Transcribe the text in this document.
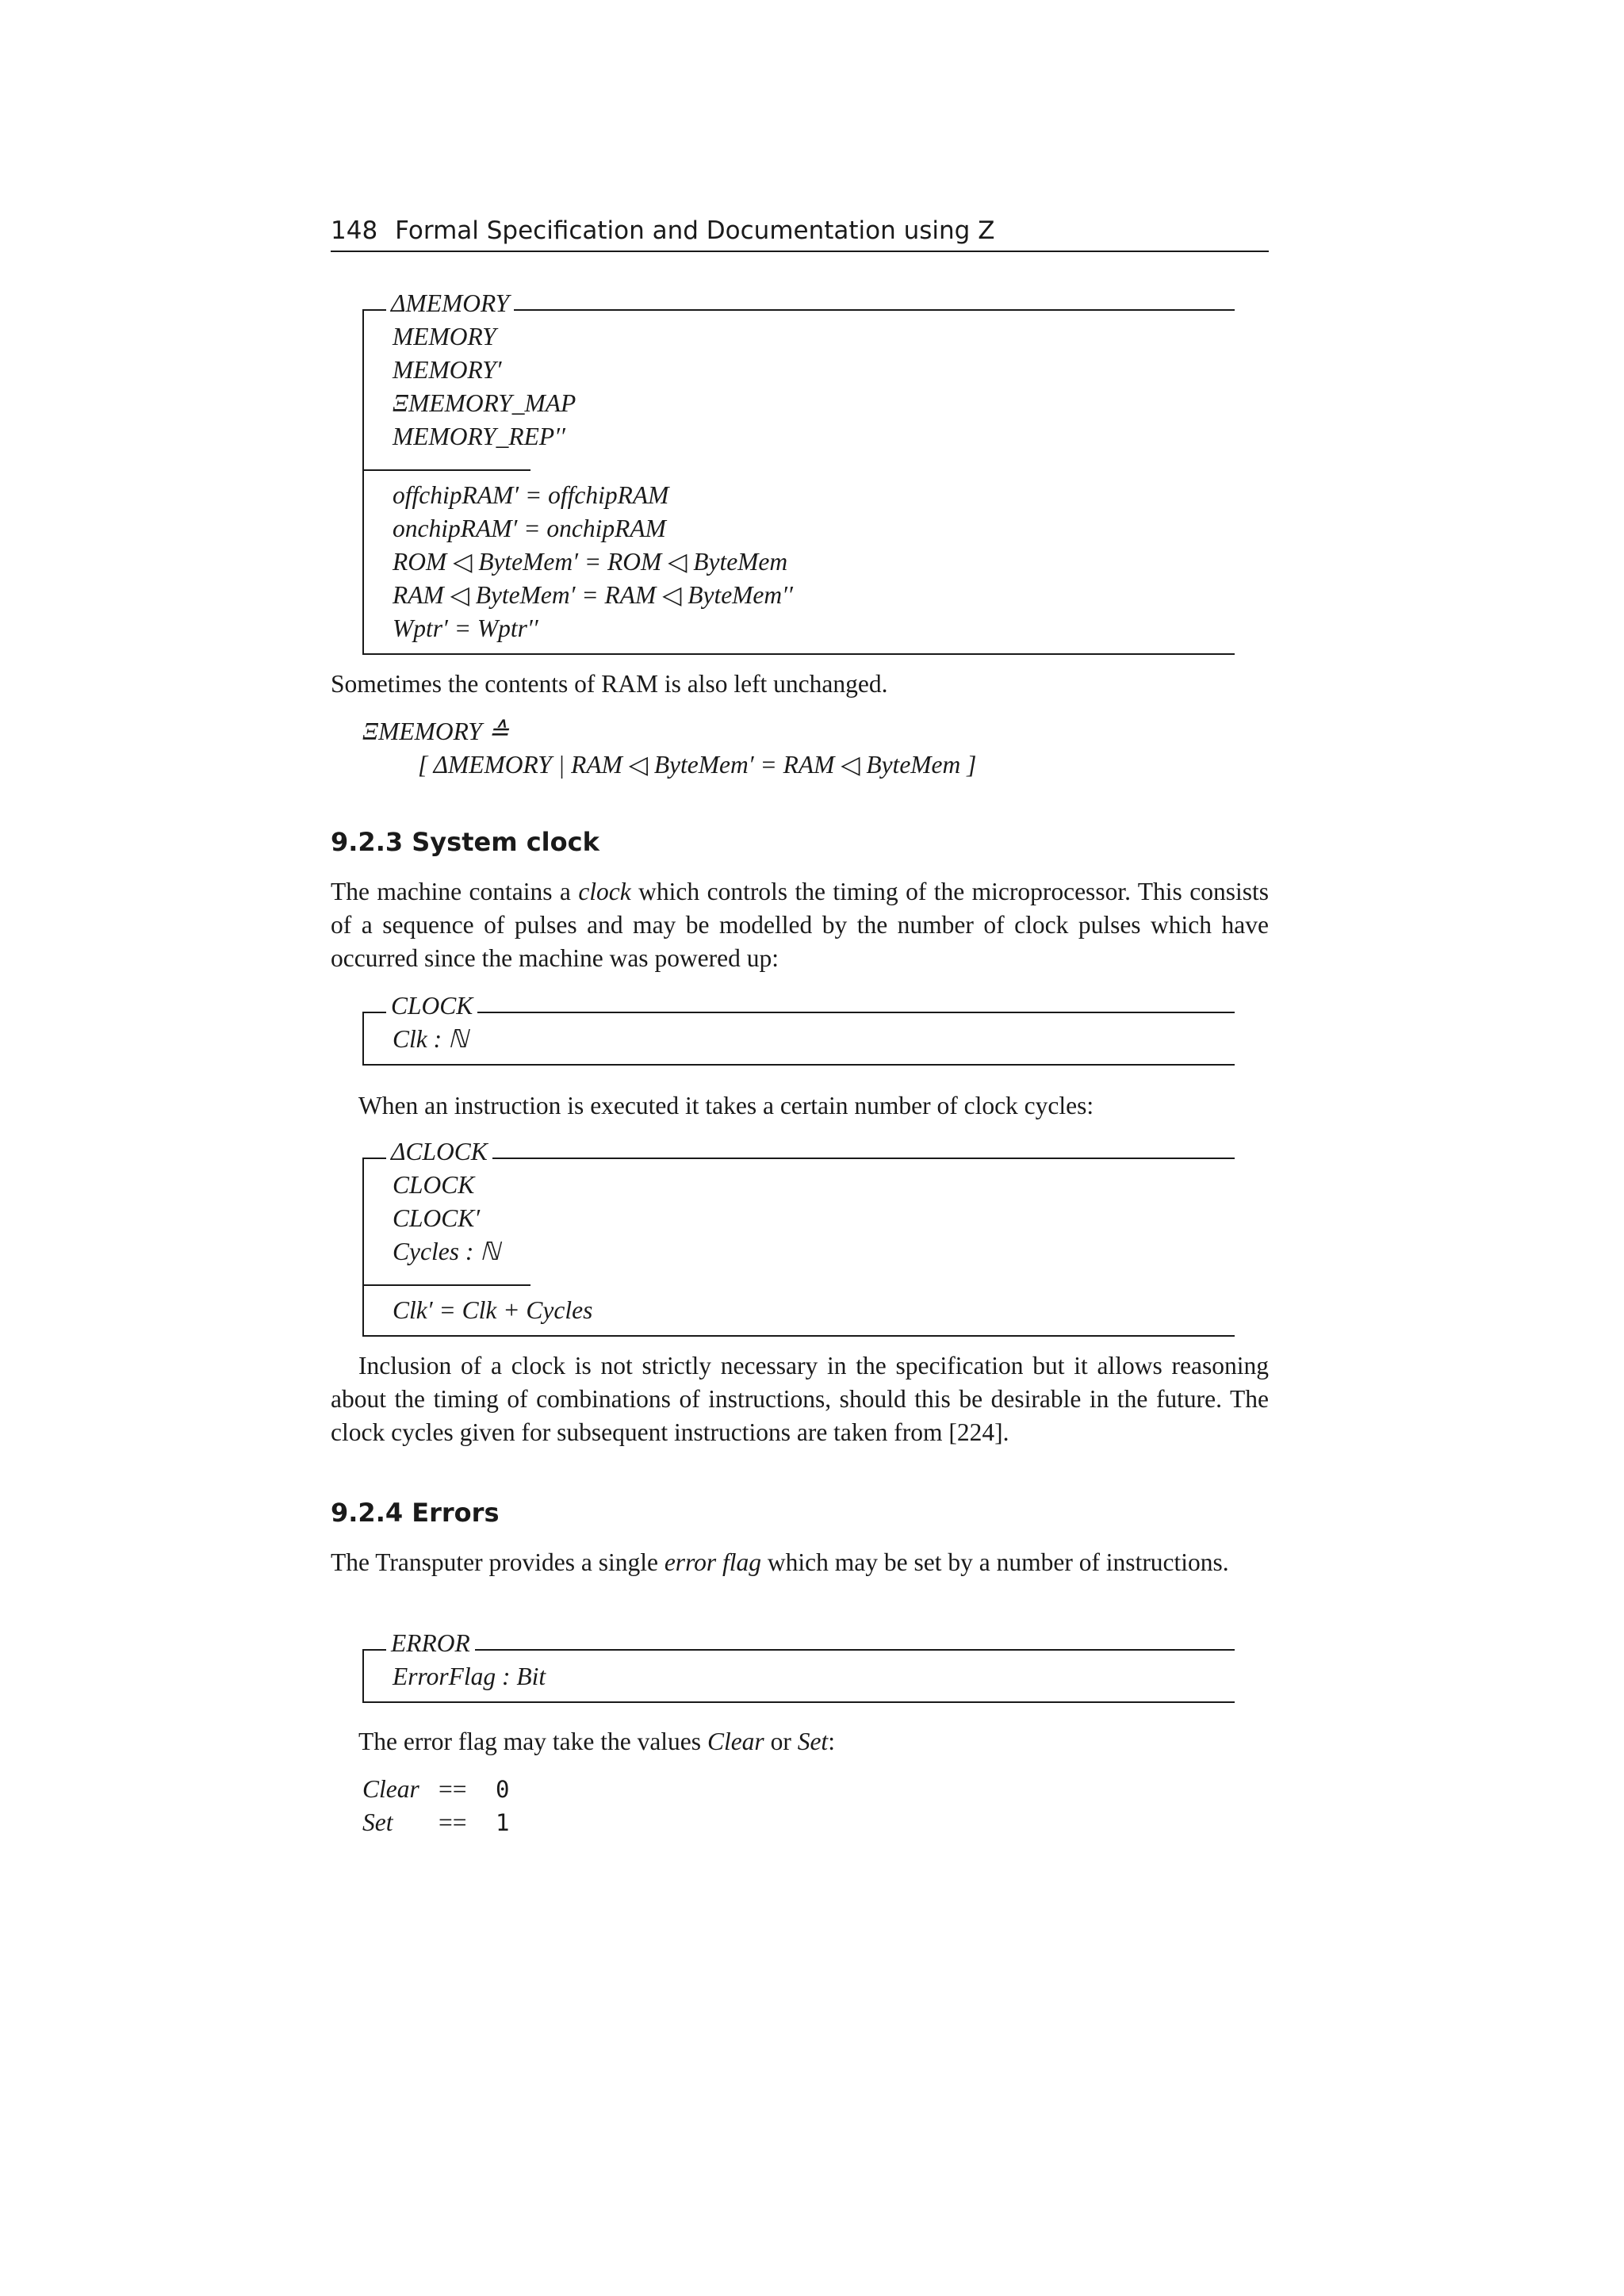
148 Formal Specification and Documentation using Z
ΔMEMORY
MEMORY
MEMORY′
ΞMEMORY_MAP
MEMORY_REP′′
offchipRAM′ = offchipRAM
onchipRAM′ = onchipRAM
ROM ◁ ByteMem′ = ROM ◁ ByteMem
RAM ◁ ByteMem′ = RAM ◁ ByteMem′′
Wptr′ = Wptr′′

Sometimes the contents of RAM is also left unchanged.

ΞMEMORY ≙
[ ΔMEMORY | RAM ◁ ByteMem′ = RAM ◁ ByteMem ]
9.2.3 System clock

The machine contains a clock which controls the timing of the microprocessor. This consists of a sequence of pulses and may be modelled by the number of clock pulses which have occurred since the machine was powered up:

CLOCK
Clk : ℕ

When an instruction is executed it takes a certain number of clock cycles:

ΔCLOCK
CLOCK
CLOCK′
Cycles : ℕ
Clk′ = Clk + Cycles

Inclusion of a clock is not strictly necessary in the specification but it allows reasoning about the timing of combinations of instructions, should this be desirable in the future. The clock cycles given for subsequent instructions are taken from [224].

9.2.4 Errors

The Transputer provides a single error flag which may be set by a number of instructions.

ERROR
ErrorFlag : Bit

The error flag may take the values Clear or Set:

Clear == 0
Set == 1
